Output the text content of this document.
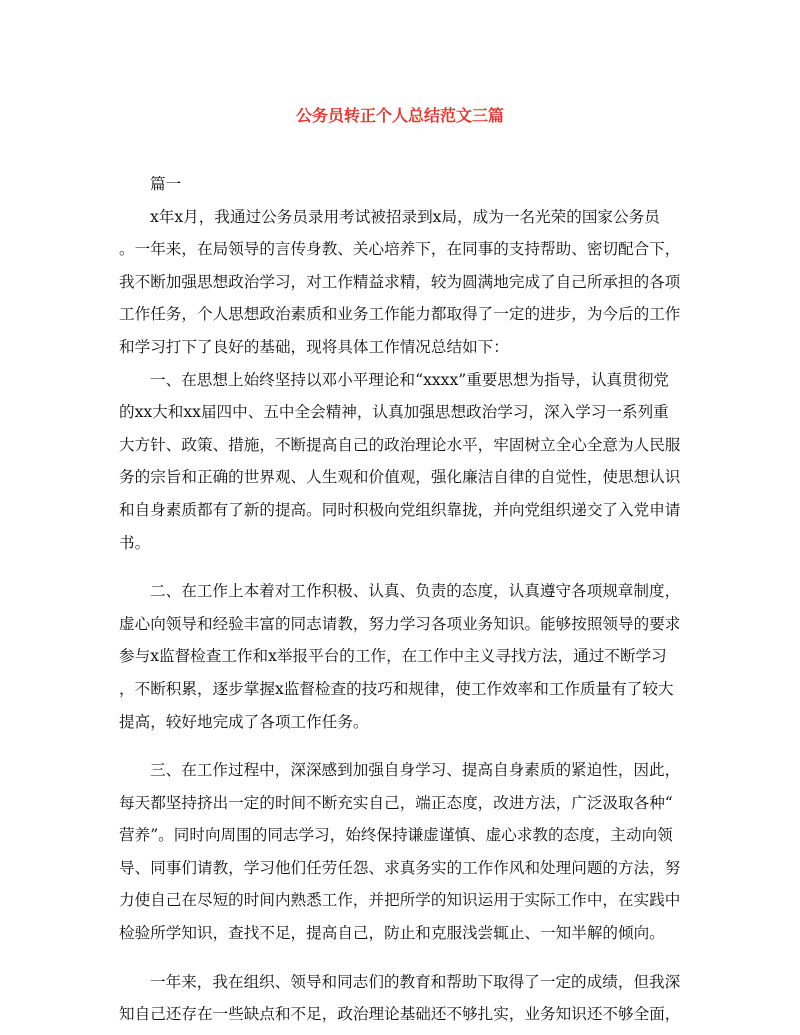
公务员转正个人总结范文三篇
篇一
x年x月，我通过公务员录用考试被招录到x局，成为一名光荣的国家公务员
。一年来，在局领导的言传身教、关心培养下，在同事的支持帮助、密切配合下，
我不断加强思想政治学习，对工作精益求精，较为圆满地完成了自己所承担的各项
工作任务，个人思想政治素质和业务工作能力都取得了一定的进步，为今后的工作
和学习打下了良好的基础，现将具体工作情况总结如下：
一、在思想上始终坚持以邓小平理论和“xxxx”重要思想为指导，认真贯彻党
的xx大和xx届四中、五中全会精神，认真加强思想政治学习，深入学习一系列重
大方针、政策、措施，不断提高自己的政治理论水平，牢固树立全心全意为人民服
务的宗旨和正确的世界观、人生观和价值观，强化廉洁自律的自觉性，使思想认识
和自身素质都有了新的提高。同时积极向党组织靠拢，并向党组织递交了入党申请
书。
二、在工作上本着对工作积极、认真、负责的态度，认真遵守各项规章制度，
虚心向领导和经验丰富的同志请教，努力学习各项业务知识。能够按照领导的要求
参与x监督检查工作和x举报平台的工作，在工作中主义寻找方法，通过不断学习
，不断积累，逐步掌握x监督检查的技巧和规律，使工作效率和工作质量有了较大
提高，较好地完成了各项工作任务。
三、在工作过程中，深深感到加强自身学习、提高自身素质的紧迫性，因此，
每天都坚持挤出一定的时间不断充实自己，端正态度，改进方法，广泛汲取各种“
营养”。同时向周围的同志学习，始终保持谦虚谨慎、虚心求教的态度，主动向领
导、同事们请教，学习他们任劳任怨、求真务实的工作作风和处理问题的方法，努
力使自己在尽短的时间内熟悉工作，并把所学的知识运用于实际工作中，在实践中
检验所学知识，查找不足，提高自己，防止和克服浅尝辄止、一知半解的倾向。
一年来，我在组织、领导和同志们的教育和帮助下取得了一定的成绩，但我深
知自己还存在一些缺点和不足，政治理论基础还不够扎实，业务知识还不够全面，
